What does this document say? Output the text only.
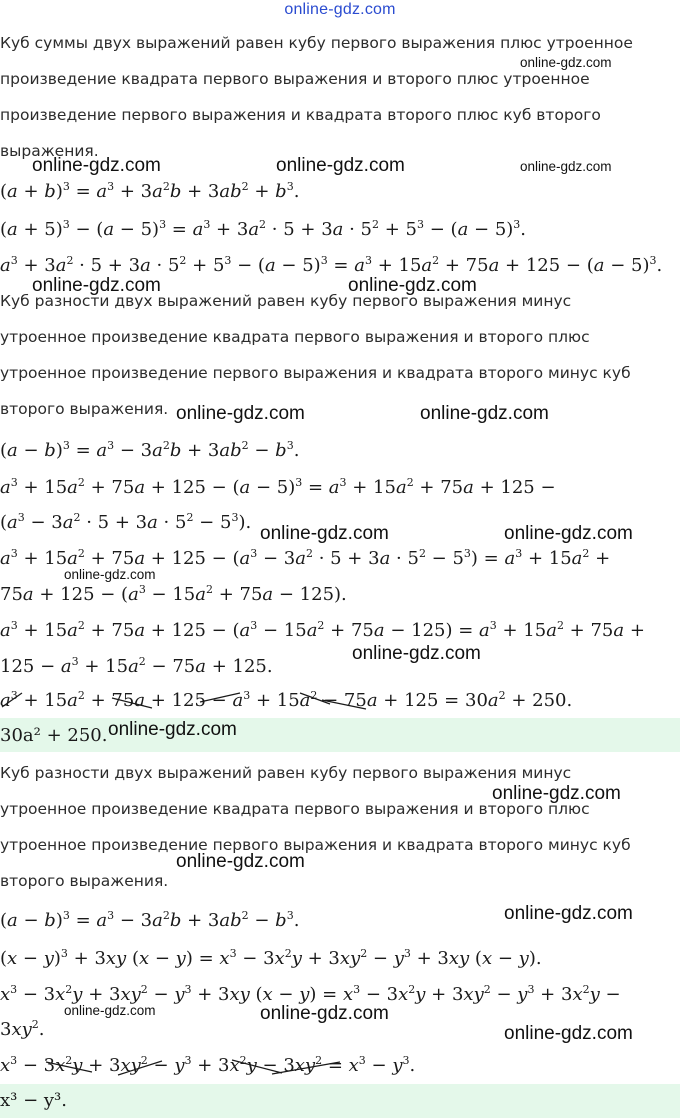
online-gdz.com
Куб суммы двух выражений равен кубу первого выражения плюс утроенное
произведение квадрата первого выражения и второго плюс утроенное
произведение первого выражения и квадрата второго плюс куб второго
выражения.
$(a + b)^3 = a^3 + 3a^2b + 3ab^2 + b^3$.
$(a + 5)^3 - (a - 5)^3 = a^3 + 3a^2 \cdot 5 + 3a \cdot 5^2 + 5^3 - (a - 5)^3$.
$a^3 + 3a^2 \cdot 5 + 3a \cdot 5^2 + 5^3 - (a - 5)^3 = a^3 + 15a^2 + 75a + 125 - (a - 5)^3$.
Куб разности двух выражений равен кубу первого выражения минус
утроенное произведение квадрата первого выражения и второго плюс
утроенное произведение первого выражения и квадрата второго минус куб
второго выражения.
$(a - b)^3 = a^3 - 3a^2b + 3ab^2 - b^3$.
$a^3 + 15a^2 + 75a + 125 - (a - 5)^3 = a^3 + 15a^2 + 75a + 125$ −
$(a^3 - 3a^2 \cdot 5 + 3a \cdot 5^2 - 5^3)$.
$a^3 + 15a^2 + 75a + 125 - (a^3 - 3a^2 \cdot 5 + 3a \cdot 5^2 - 5^3) = a^3 + 15a^2$ +
$75a + 125 - (a^3 - 15a^2 + 75a - 125)$.
$a^3 + 15a^2 + 75a + 125 - (a^3 - 15a^2 + 75a - 125) = a^3 + 15a^2 + 75a$ +
$125 - a^3 + 15a^2 - 75a + 125$.
$a^3 + 15a^2 + 75a + 125 - a^3 + 15a^2 - 75a + 125 = 30a^2 + 250$.
30a² + 250.
Куб разности двух выражений равен кубу первого выражения минус
утроенное произведение квадрата первого выражения и второго плюс
утроенное произведение первого выражения и квадрата второго минус куб
второго выражения.
$(a - b)^3 = a^3 - 3a^2b + 3ab^2 - b^3$.
$(x - y)^3 + 3xy$ $(x - y) = x^3 - 3x^2y + 3xy^2 - y^3 + 3xy$ (x − y).
$x^3 - 3x^2y + 3xy^2 - y^3 + 3xy$ $(x - y) = x^3 - 3x^2y + 3xy^2 - y^3 + 3x^2y$ −
$3xy^2$.
$x^3 - 3x^2y + 3xy^2 - y^3 + 3x^2y - 3xy^2 = x^3 - y^3$.
x³ − y³.
online-gdz.com
online-gdz.com	online-gdz.com	online-gdz.com
online-gdz.com	online-gdz.com
online-gdz.com	online-gdz.com
online-gdz.com	online-gdz.com
online-gdz.com
online-gdz.com
online-gdz.com
online-gdz.com
online-gdz.com
online-gdz.com
online-gdz.com	online-gdz.com
online-gdz.com
